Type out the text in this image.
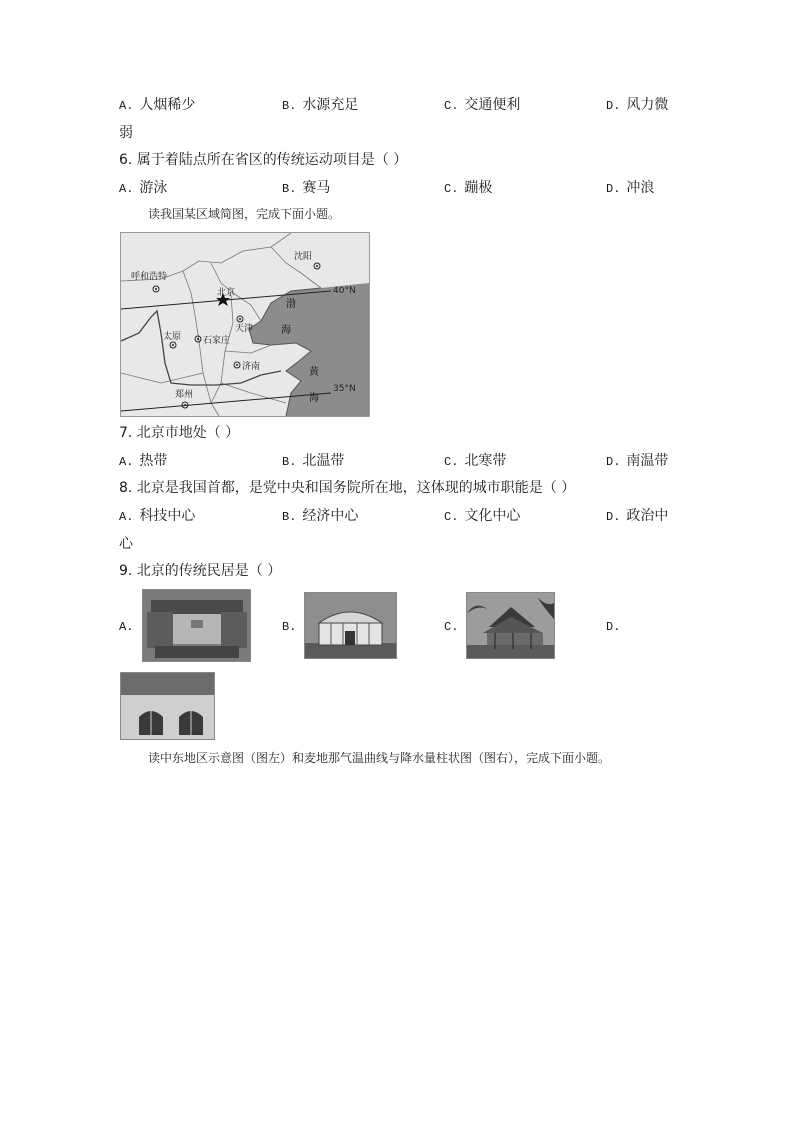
A. 人烟稀少	B. 水源充足	C. 交通便利	D. 风力微
弱
6. 属于着陆点所在省区的传统运动项目是（ ）
A. 游泳	B. 赛马	C. 蹦极	D. 冲浪
读我国某区域简图，完成下面小题。
沈阳
呼和浩特
北京
天津
太原 石家庄
济南
郑州
渤
海
黄
海
40°N
35°N
7. 北京市地处（ ）
A. 热带	B. 北温带	C. 北寒带	D. 南温带
8. 北京是我国首都，是党中央和国务院所在地，这体现的城市职能是（ ）
A. 科技中心	B. 经济中心	C. 文化中心	D. 政治中
心
9. 北京的传统民居是（ ）
A.	B.	C.	D.
读中东地区示意图（图左）和麦地那气温曲线与降水量柱状图（图右），完成下面小题。
